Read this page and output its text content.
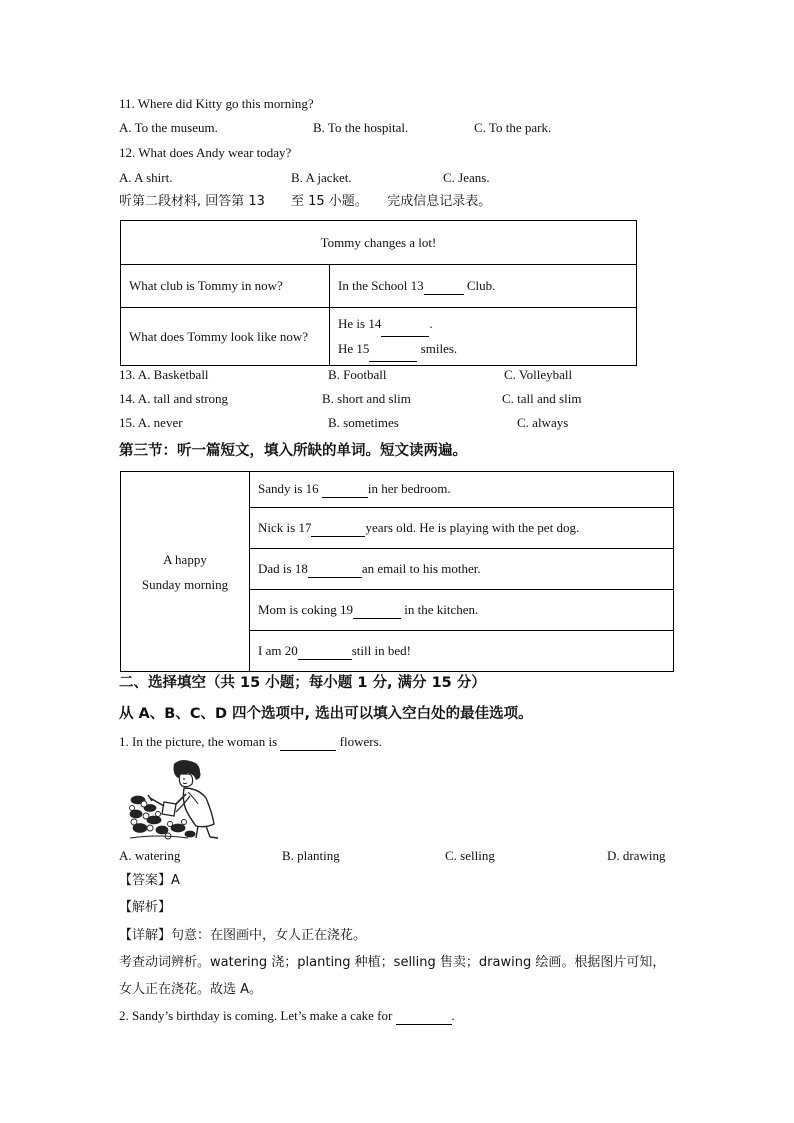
11. Where did Kitty go this morning?
A. To the museum.	B. To the hospital.	C. To the park.
12. What does Andy wear today?
A. A shirt.	B. A jacket.	C. Jeans.
听第二段材料, 回答第 13　　至 15 小题。　　完成信息记录表。
Tommy changes a lot!	
What club is Tommy in now?	In the School 13 Club.
What does Tommy look like now?	He is 14 .
He 15 smiles.
13. A. Basketball	B. Football	C. Volleyball
14. A. tall and strong	B. short and slim	C. tall and slim
15. A. never	B. sometimes	C. always
第三节：听一篇短文，填入所缺的单词。短文读两遍。
A happy
Sunday morning
	Sandy is 16	in her bedroom.
Nick is 17	years old. He is playing with the pet dog.
Dad is 18	an email to his mother.
Mom is coking 19	in the kitchen.
I am 20	still in bed!
二、选择填空（共 15 小题；每小题 1 分, 满分 15 分）
从 A、B、C、D 四个选项中, 选出可以填入空白处的最佳选项。
1. In the picture, the woman is	flowers.
A. watering	B. planting	C. selling	D. drawing
【答案】A
【解析】
【详解】句意：在图画中，女人正在浇花。
考查动词辨析。watering 浇；planting 种植；selling 售卖；drawing 绘画。根据图片可知，
女人正在浇花。故选 A。
2. Sandy’s birthday is coming. Let’s make a cake for	.
